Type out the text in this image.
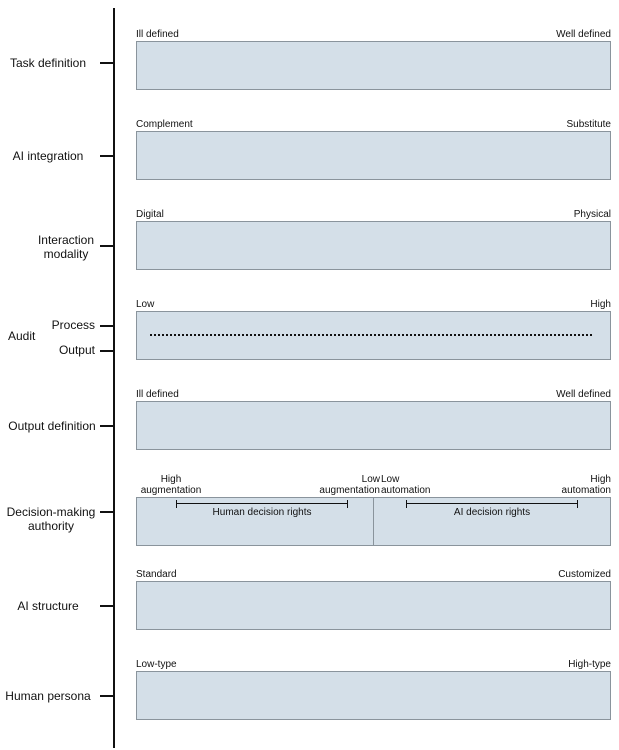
Task definition
Ill defined	Well defined
AI integration
Complement	Substitute
Interaction modality
Digital	Physical
Audit
Process
Output
Low	High
Output definition
Ill defined	Well defined
Decision-making authority
High augmentation
Low augmentation
Low automation
High automation
Human decision rights	AI decision rights
AI structure
Standard	Customized
Human persona
Low-type	High-type
